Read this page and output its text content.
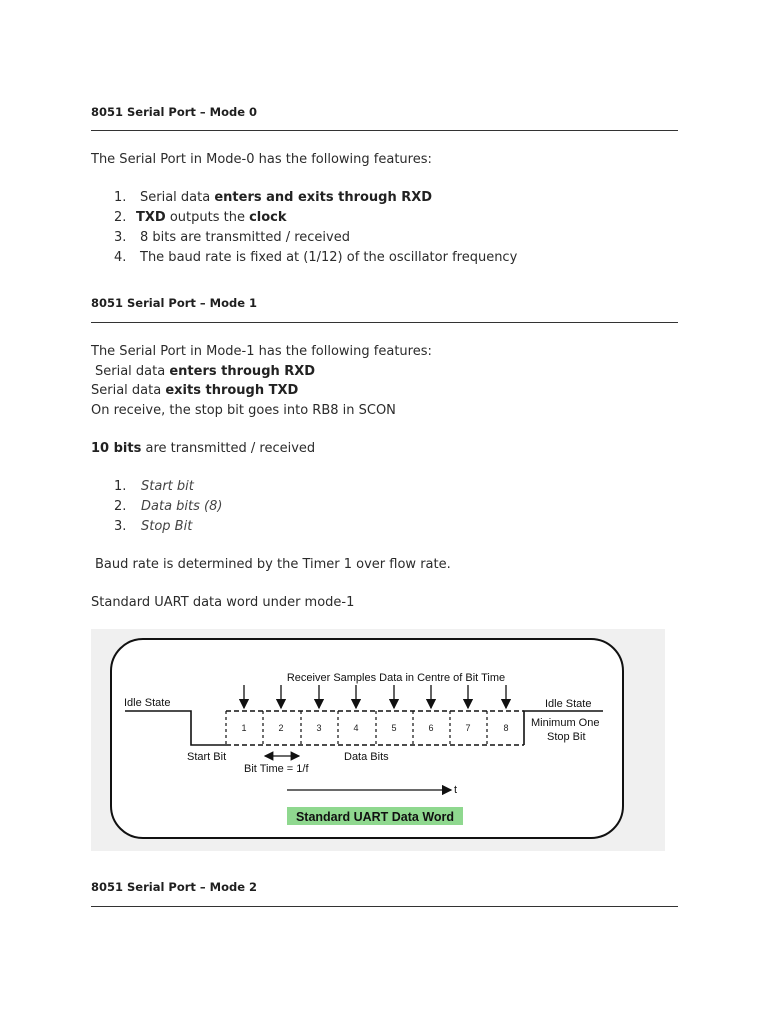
8051 Serial Port – Mode 0
The Serial Port in Mode-0 has the following features:
1. Serial data enters and exits through RXD
2. TXD outputs the clock
3. 8 bits are transmitted / received
4. The baud rate is fixed at (1/12) of the oscillator frequency
8051 Serial Port – Mode 1
The Serial Port in Mode-1 has the following features:
Serial data enters through RXD
Serial data exits through TXD
On receive, the stop bit goes into RB8 in SCON
10 bits are transmitted / received
1. Start bit
2. Data bits (8)
3. Stop Bit
Baud rate is determined by the Timer 1 over flow rate.
Standard UART data word under mode-1
1	2	3	4	5	6	7	8
Receiver Samples Data in Centre of Bit Time
Idle State	Idle State
Minimum One
Stop Bit
Start Bit	Data Bits
Bit Time = 1/f
t
Standard UART Data Word
8051 Serial Port – Mode 2
